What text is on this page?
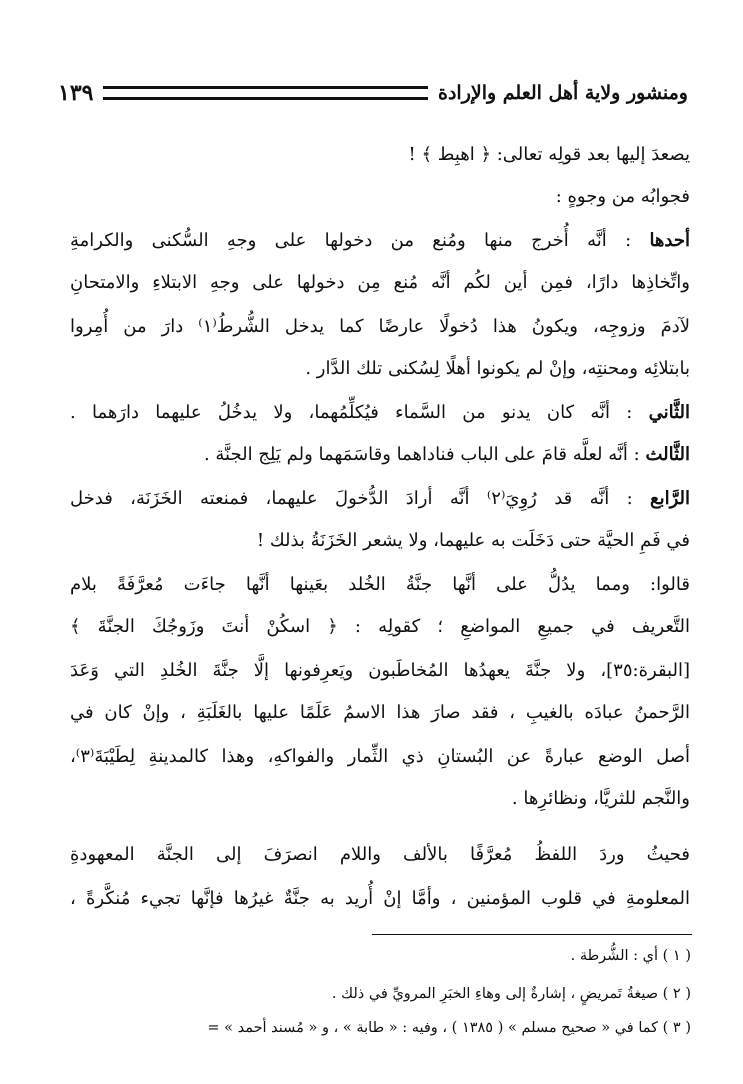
ومنشور ولاية أهل العلم والإرادة
١٣٩
يصعدَ إليها بعد قولِه تعالى: ﴿ اهبِط ﴾ !
فجوابُه من وجوهٍ :
أحدها : أنَّه أُخرج منها ومُنع من دخولها على وجهِ السُّكنى والكرامةِ
واتِّخاذِها دارًا، فمِن أين لكُم أنَّه مُنع مِن دخولها على وجهِ الابتلاءِ والامتحانِ
لآدمَ وزوجِه، ويكونُ هذا دُخولًا عارضًا كما يدخل الشُّرطُ⁽١⁾ دارَ من أُمِروا
بابتلائِه ومحنتِه، وإنْ لم يكونوا أهلًا لِسُكنى تلك الدَّار .
الثَّاني : أنَّه كان يدنو من السَّماء فيُكلِّمُهما، ولا يدخُلُ عليهما دارَهما .
الثَّالث : أنَّه لعلَّه قامَ على الباب فناداهما وقاسَمَهما ولم يَلِج الجنَّة .
الرَّابع : أنَّه قد رُوِيَ⁽٢⁾ أنَّه أرادَ الدُّخولَ عليهما، فمنعته الخَزَنَة، فدخل
في فَمِ الحيَّة حتى دَخَلَت به عليهما، ولا يشعر الخَزَنَةُ بذلك !
قالوا: ومما يدُلُّ على أنَّها جنَّةُ الخُلد بعَينها أنَّها جاءَت مُعرَّفَةً بلام
التَّعريف في جميعِ المواضعِ ؛ كقولِه : ﴿ اسكُنْ أنتَ وزَوجُكَ الجنَّةَ ﴾
[البقرة:٣٥]، ولا جنَّةَ يعهدُها المُخاطَبون ويَعرِفونها إلَّا جنَّةَ الخُلدِ التي وَعَدَ
الرَّحمنُ عبادَه بالغيبِ ، فقد صارَ هذا الاسمُ عَلَمًا عليها بالغَلَبَةِ ، وإنْ كان في
أصل الوضع عبارةً عن البُستانِ ذي الثِّمار والفواكهِ، وهذا كالمدينةِ لِطَيْبَةَ⁽٣⁾،
والنَّجم للثريَّا، ونظائرِها .
فحيثُ وردَ اللفظُ مُعرَّفًا بالألف واللام انصرَفَ إلى الجنَّة المعهودةِ
المعلومةِ في قلوب المؤمنين ، وأمَّا إنْ أُريد به جنَّةٌ غيرُها فإنَّها تجيء مُنكَّرةً ،
( ١ ) أي : الشُّرطة .
( ٢ ) صيغةُ تَمريضٍ ، إشارةٌ إلى وهاءِ الخبَرِ المرويِّ في ذلك .
( ٣ ) كما في « صحيح مسلم » ( ١٣٨٥ ) ، وفيه : « طابة » ، و « مُسند أحمد » =
